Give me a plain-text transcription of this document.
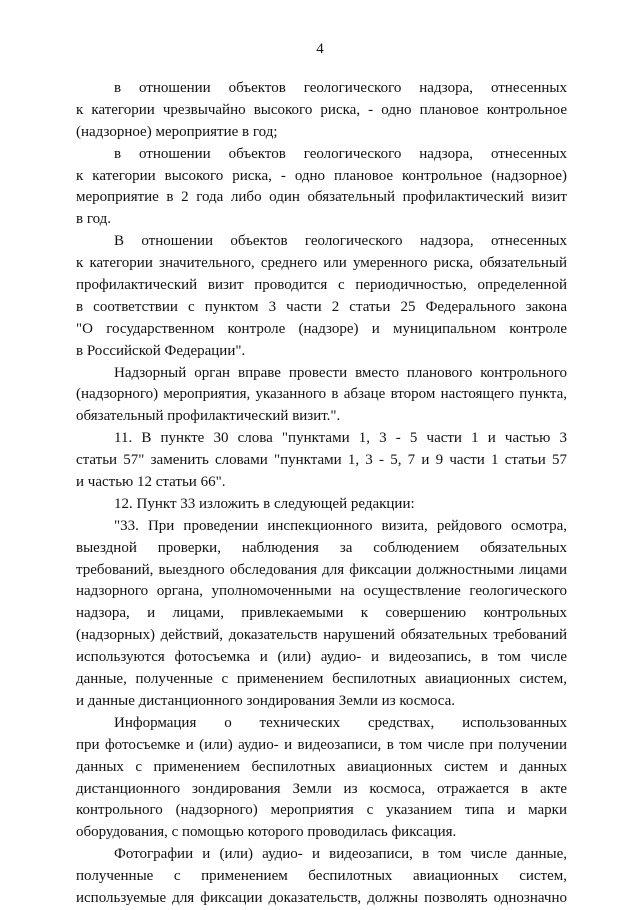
4
в отношении объектов геологического надзора, отнесенных
к категории чрезвычайно высокого риска, - одно плановое контрольное
(надзорное) мероприятие в год;
в отношении объектов геологического надзора, отнесенных
к категории высокого риска, - одно плановое контрольное (надзорное)
мероприятие в 2 года либо один обязательный профилактический визит
в год.
В отношении объектов геологического надзора, отнесенных
к категории значительного, среднего или умеренного риска, обязательный
профилактический визит проводится с периодичностью, определенной
в соответствии с пунктом 3 части 2 статьи 25 Федерального закона
"О государственном контроле (надзоре) и муниципальном контроле
в Российской Федерации".
Надзорный орган вправе провести вместо планового контрольного
(надзорного) мероприятия, указанного в абзаце втором настоящего пункта,
обязательный профилактический визит.".
11. В пункте 30 слова "пунктами 1, 3 - 5 части 1 и частью 3
статьи 57" заменить словами "пунктами 1, 3 - 5, 7 и 9 части 1 статьи 57
и частью 12 статьи 66".
12. Пункт 33 изложить в следующей редакции:
"33. При проведении инспекционного визита, рейдового осмотра,
выездной проверки, наблюдения за соблюдением обязательных
требований, выездного обследования для фиксации должностными лицами
надзорного органа, уполномоченными на осуществление геологического
надзора, и лицами, привлекаемыми к совершению контрольных
(надзорных) действий, доказательств нарушений обязательных требований
используются фотосъемка и (или) аудио- и видеозапись, в том числе
данные, полученные с применением беспилотных авиационных систем,
и данные дистанционного зондирования Земли из космоса.
Информация о технических средствах, использованных
при фотосъемке и (или) аудио- и видеозаписи, в том числе при получении
данных с применением беспилотных авиационных систем и данных
дистанционного зондирования Земли из космоса, отражается в акте
контрольного (надзорного) мероприятия с указанием типа и марки
оборудования, с помощью которого проводилась фиксация.
Фотографии и (или) аудио- и видеозаписи, в том числе данные,
полученные с применением беспилотных авиационных систем,
используемые для фиксации доказательств, должны позволять однозначно
